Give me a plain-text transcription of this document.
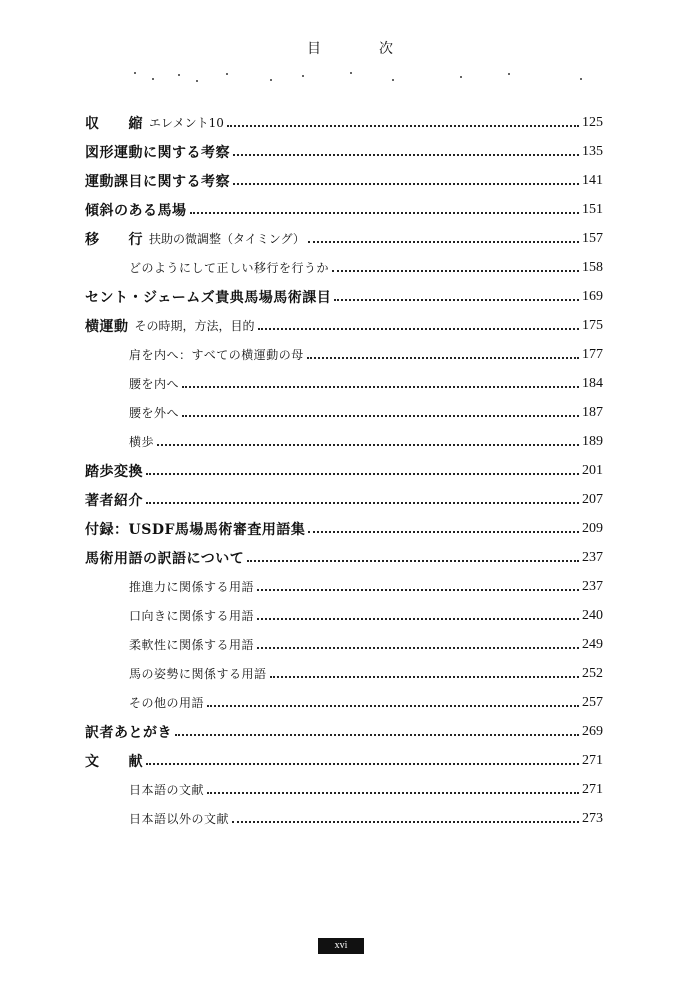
目　次
収　　縮 エレメント10	125
図形運動に関する考察	135
運動課目に関する考察	141
傾斜のある馬場	151
移　　行 扶助の微調整（タイミング）	157
どのようにして正しい移行を行うか	158
セント・ジェームズ貴典馬場馬術課目	169
横運動 その時期，方法，目的	175
肩を内へ：すべての横運動の母	177
腰を内へ	184
腰を外へ	187
横歩	189
踏歩変換	201
著者紹介	207
付録：USDF馬場馬術審査用語集	209
馬術用語の訳語について	237
推進力に関係する用語	237
口向きに関係する用語	240
柔軟性に関係する用語	249
馬の姿勢に関係する用語	252
その他の用語	257
訳者あとがき	269
文　　献	271
日本語の文献	271
日本語以外の文献	273
xvi
